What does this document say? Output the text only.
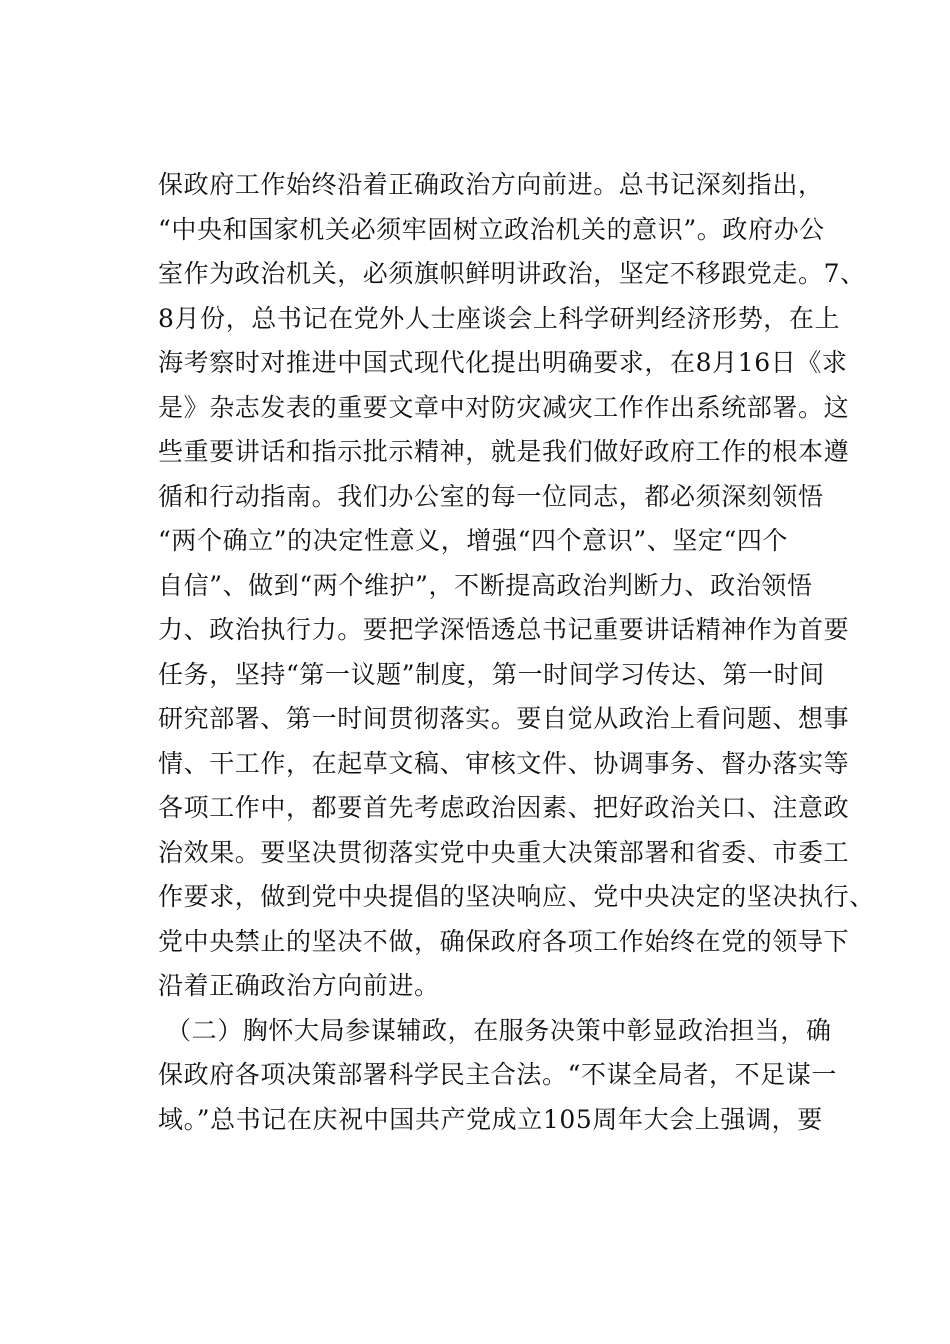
保政府工作始终沿着正确政治方向前进。总书记深刻指出，
“中央和国家机关必须牢固树立政治机关的意识”。政府办公
室作为政治机关，必须旗帜鲜明讲政治，坚定不移跟党走。7、
8月份，总书记在党外人士座谈会上科学研判经济形势，在上
海考察时对推进中国式现代化提出明确要求，在8月16日《求
是》杂志发表的重要文章中对防灾减灾工作作出系统部署。这
些重要讲话和指示批示精神，就是我们做好政府工作的根本遵
循和行动指南。我们办公室的每一位同志，都必须深刻领悟
“两个确立”的决定性意义，增强“四个意识”、坚定“四个
自信”、做到“两个维护”，不断提高政治判断力、政治领悟
力、政治执行力。要把学深悟透总书记重要讲话精神作为首要
任务，坚持“第一议题”制度，第一时间学习传达、第一时间
研究部署、第一时间贯彻落实。要自觉从政治上看问题、想事
情、干工作，在起草文稿、审核文件、协调事务、督办落实等
各项工作中，都要首先考虑政治因素、把好政治关口、注意政
治效果。要坚决贯彻落实党中央重大决策部署和省委、市委工
作要求，做到党中央提倡的坚决响应、党中央决定的坚决执行、
党中央禁止的坚决不做，确保政府各项工作始终在党的领导下
沿着正确政治方向前进。
（二）胸怀大局参谋辅政，在服务决策中彰显政治担当，确
保政府各项决策部署科学民主合法。“不谋全局者，不足谋一
域。”总书记在庆祝中国共产党成立105周年大会上强调，要
